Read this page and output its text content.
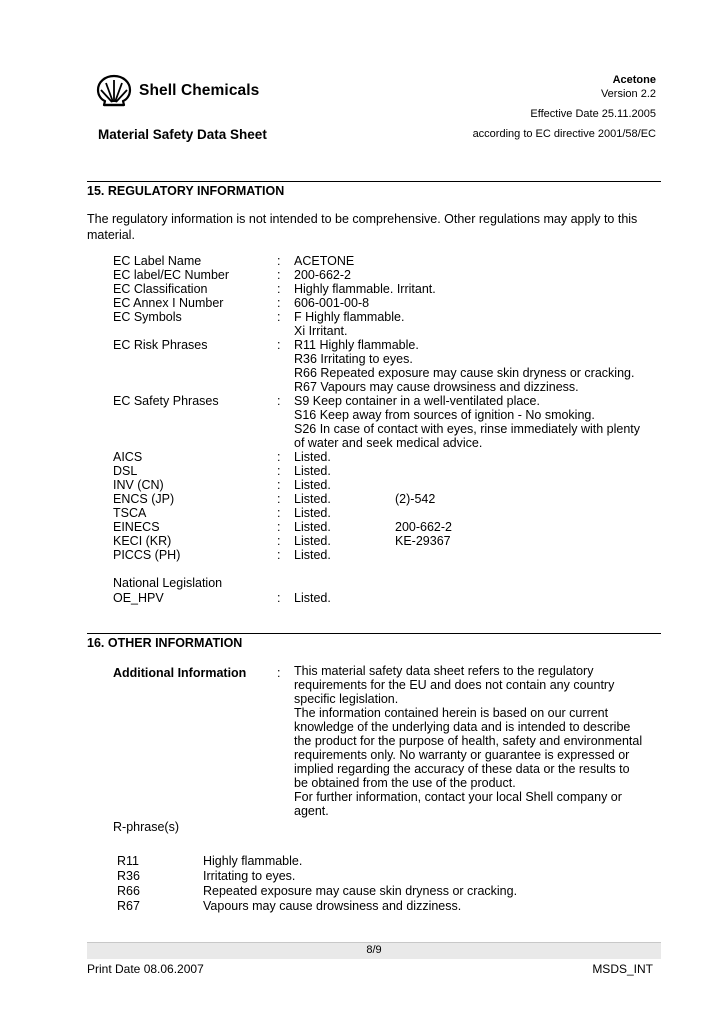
Shell Chemicals
Acetone
Version 2.2
Effective Date 25.11.2005
according to EC directive 2001/58/EC
Material Safety Data Sheet
15. REGULATORY INFORMATION
The regulatory information is not intended to be comprehensive. Other regulations may apply to this
material.
EC Label Name	: ACETONE
EC label/EC Number	: 200-662-2
EC Classification	: Highly flammable. Irritant.
EC Annex I Number	: 606-001-00-8
EC Symbols	: F Highly flammable.
Xi Irritant.
EC Risk Phrases	: R11 Highly flammable.
R36 Irritating to eyes.
R66 Repeated exposure may cause skin dryness or cracking.
R67 Vapours may cause drowsiness and dizziness.
EC Safety Phrases	: S9 Keep container in a well-ventilated place.
S16 Keep away from sources of ignition - No smoking.
S26 In case of contact with eyes, rinse immediately with plenty
of water and seek medical advice.
AICS	: Listed.
DSL	: Listed.
INV (CN)	: Listed.
ENCS (JP)	: Listed.	(2)-542
TSCA	: Listed.
EINECS	: Listed.	200-662-2
KECI (KR)	: Listed.	KE-29367
PICCS (PH)	: Listed.
National Legislation
OE_HPV	: Listed.
16. OTHER INFORMATION
Additional Information : This material safety data sheet refers to the regulatory
requirements for the EU and does not contain any country
specific legislation.
The information contained herein is based on our current
knowledge of the underlying data and is intended to describe
the product for the purpose of health, safety and environmental
requirements only. No warranty or guarantee is expressed or
implied regarding the accuracy of these data or the results to
be obtained from the use of the product.
For further information, contact your local Shell company or
agent.
R-phrase(s)
R11	Highly flammable.
R36	Irritating to eyes.
R66	Repeated exposure may cause skin dryness or cracking.
R67	Vapours may cause drowsiness and dizziness.
8/9
Print Date 08.06.2007	MSDS_INT
